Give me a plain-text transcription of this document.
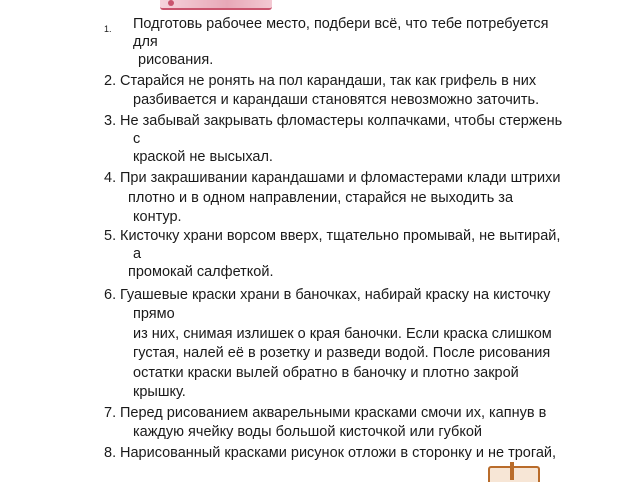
1. Подготовь рабочее место, подбери всё, что тебе потребуется
для
рисования.
2. Старайся не ронять на пол карандаши, так как грифель в них
разбивается и карандаши становятся невозможно заточить.
3. Не забывай закрывать фломастеры колпачками, чтобы стержень
с
краской не высыхал.
4. При закрашивании карандашами и фломастерами клади штрихи
плотно и в одном направлении, старайся не выходить за
контур.
5. Кисточку храни ворсом вверх, тщательно промывай, не вытирай,
а
промокай салфеткой.
6. Гуашевые краски храни в баночках, набирай краску на кисточку
прямо
из них, снимая излишек о края баночки. Если краска слишком
густая, налей её в розетку и разведи водой. После рисования
остатки краски вылей обратно в баночку и плотно закрой
крышку.
7. Перед рисованием акварельными красками смочи их, капнув в
каждую ячейку воды большой кисточкой или губкой
8. Нарисованный красками рисунок отложи в сторонку и не трогай,
